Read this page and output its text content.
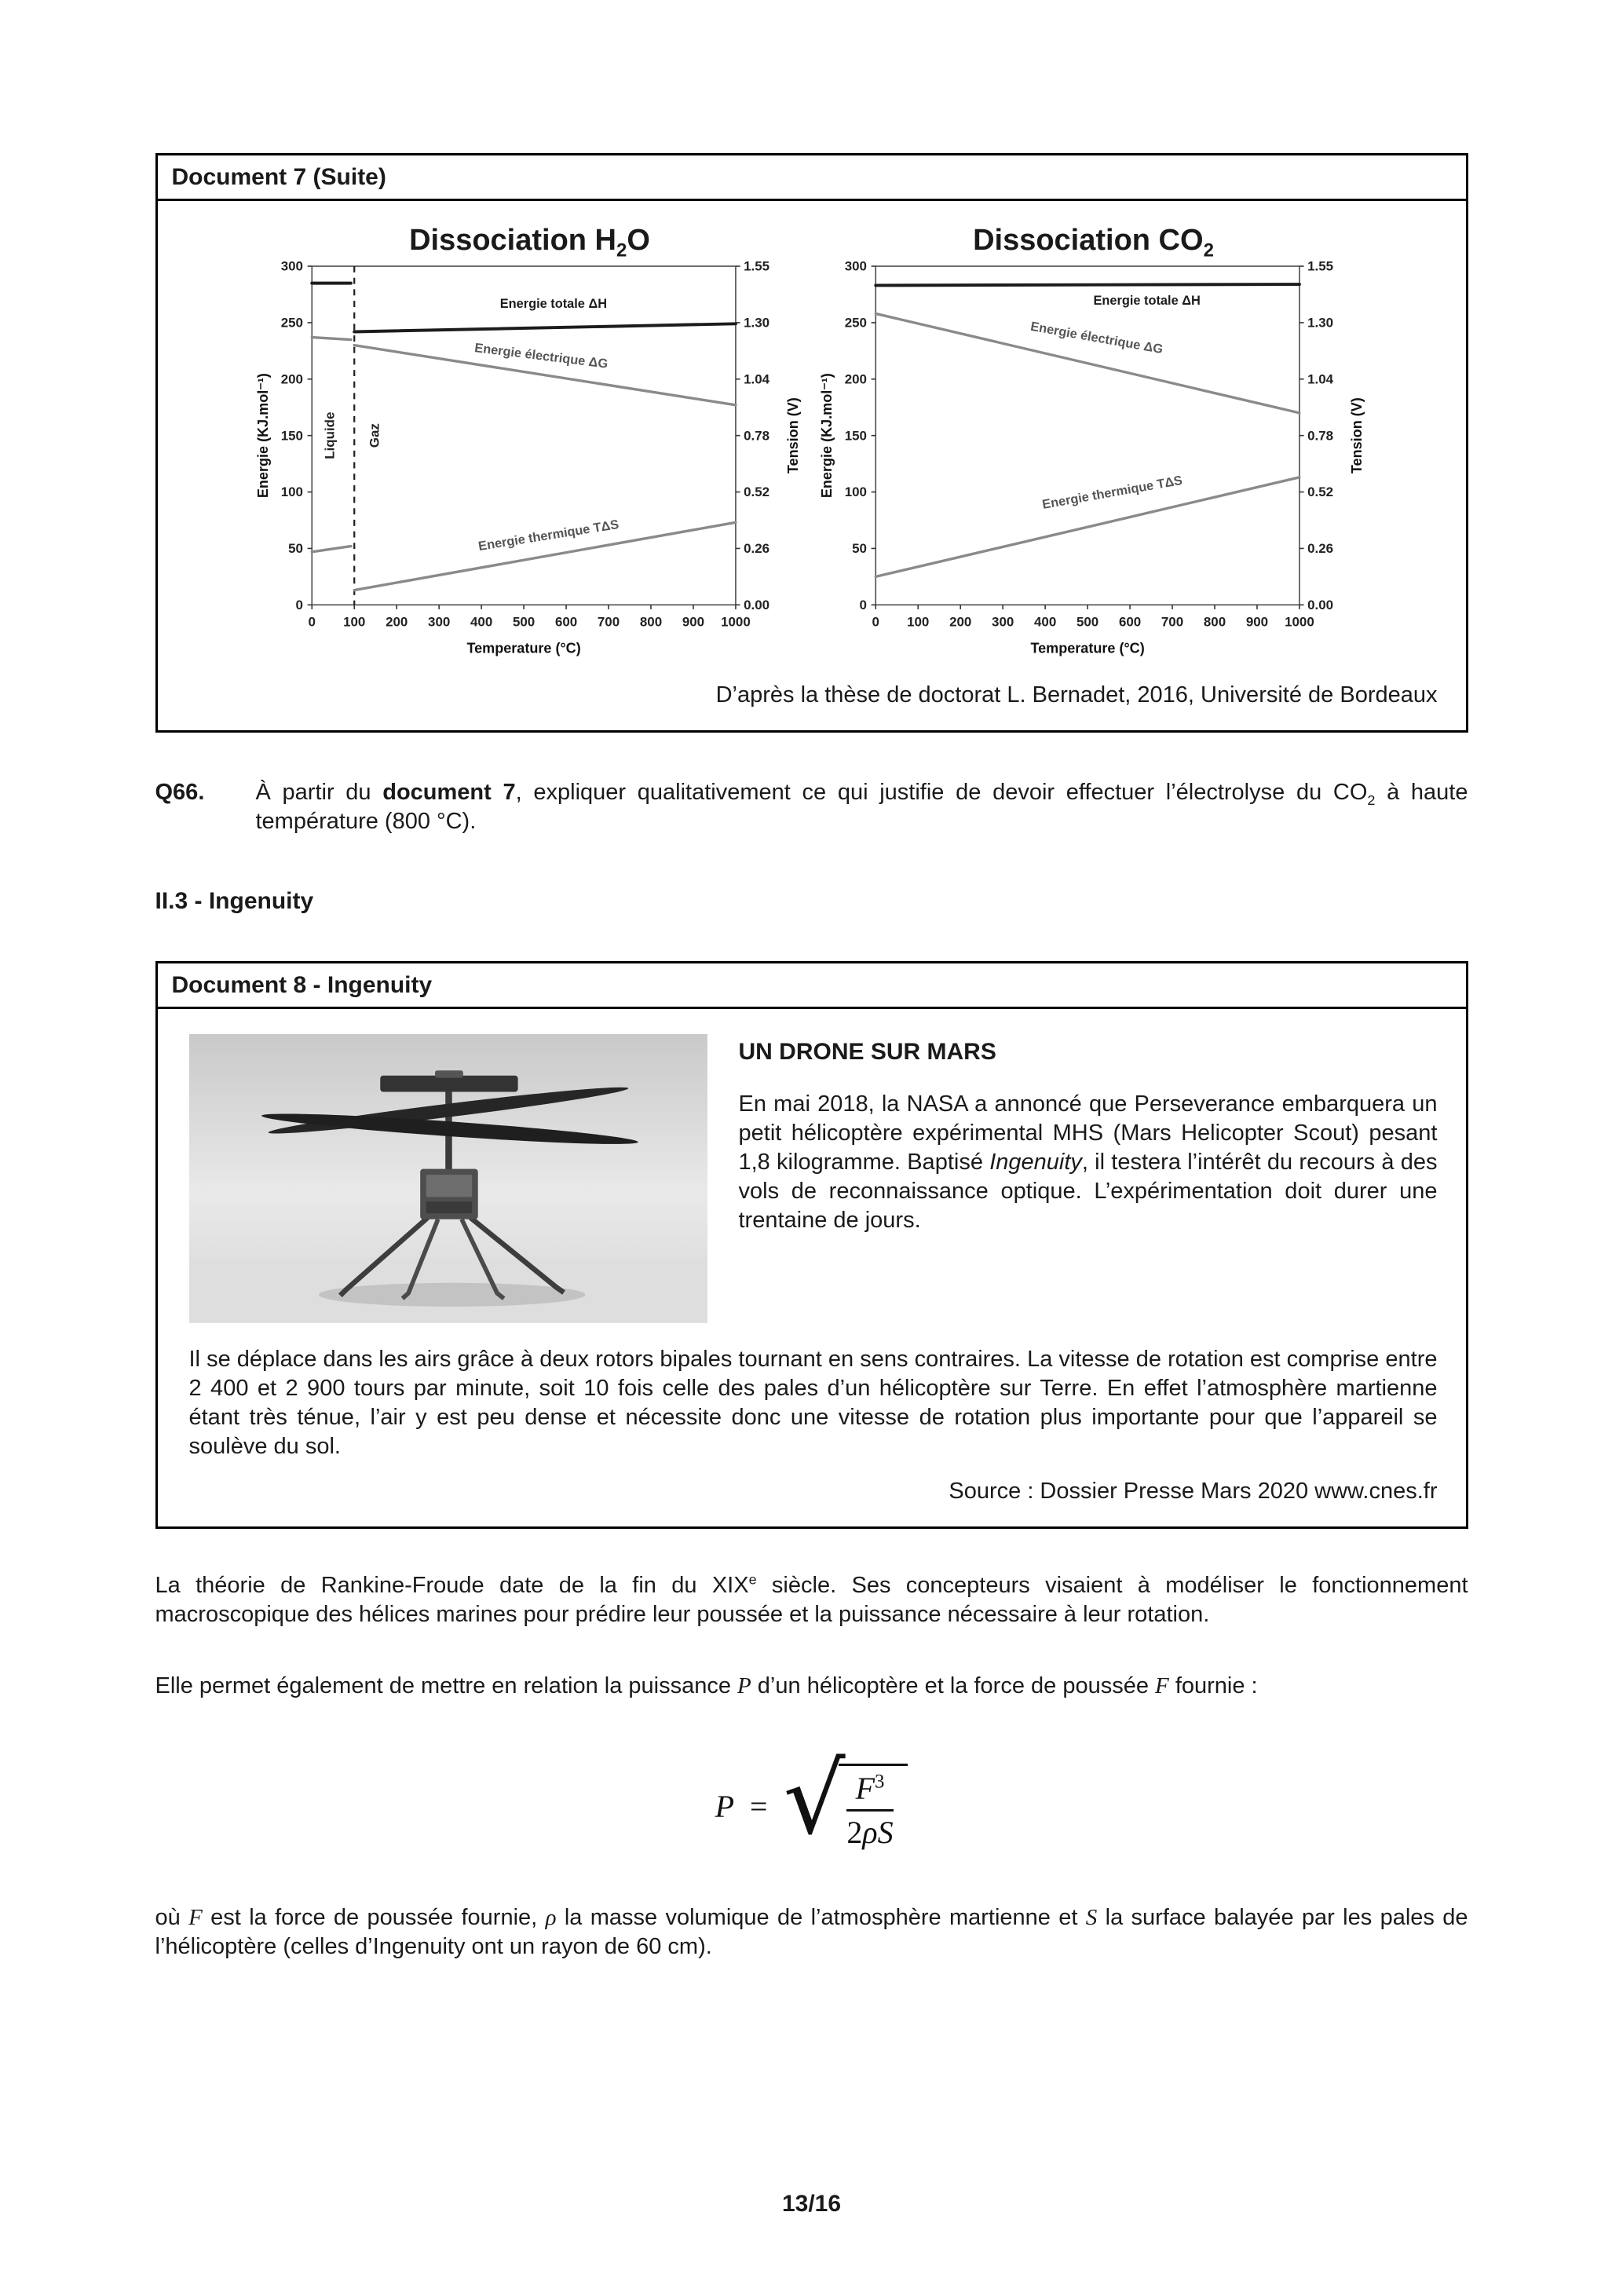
Document 7 (Suite)
Dissociation $H_2O$
0 100 200 300 400 500 600 700 800 900 1000
0
50
100
150
200
250
300
0.00
0.26
0.52
0.78
1.04
1.30
1.55
Temperature (°C)
Energie (KJ.mol⁻¹)	Tension (V)
Liquide	Gaz
Energie totale ΔH
Energie électrique ΔG
Energie thermique TΔS
Dissociation $CO_2$
0 100 200 300 400 500 600 700 800 900 1000
0
50
100
150
200
250
300
0.00
0.26
0.52
0.78
1.04
1.30
1.55
Temperature (°C)
Energie (KJ.mol⁻¹)	Tension (V)
Energie totale ΔH
Energie électrique ΔG
Energie thermique TΔS
D’après la thèse de doctorat L. Bernadet, 2016, Université de Bordeaux
Q66.	À partir du document 7, expliquer qualitativement ce qui justifie de devoir effectuer l’électrolyse du $CO_2$ à haute température (800 °C).

II.3 - Ingenuity
Document 8 - Ingenuity
UN DRONE SUR MARS

En mai 2018, la NASA a annoncé que Perseverance embarquera un petit hélicoptère expérimental MHS (Mars Helicopter Scout) pesant 1,8 kilogramme. Baptisé Ingenuity, il testera l’intérêt du recours à des vols de reconnaissance optique. L’expérimentation doit durer une trentaine de jours.

Il se déplace dans les airs grâce à deux rotors bipales tournant en sens contraires. La vitesse de rotation est comprise entre 2 400 et 2 900 tours par minute, soit 10 fois celle des pales d’un hélicoptère sur Terre. En effet l’atmosphère martienne étant très ténue, l’air y est peu dense et nécessite donc une vitesse de rotation plus importante pour que l’appareil se soulève du sol.

Source : Dossier Presse Mars 2020 www.cnes.fr

La théorie de Rankine-Froude date de la fin du XIXe siècle. Ses concepteurs visaient à modéliser le fonctionnement macroscopique des hélices marines pour prédire leur poussée et la puissance nécessaire à leur rotation.

Elle permet également de mettre en relation la puissance P d’un hélicoptère et la force de poussée F fournie :

P = √ $\frac{F^3}{2\rho S}$

où F est la force de poussée fournie, ρ la masse volumique de l’atmosphère martienne et S la surface balayée par les pales de l’hélicoptère (celles d’Ingenuity ont un rayon de 60 cm).

13/16
